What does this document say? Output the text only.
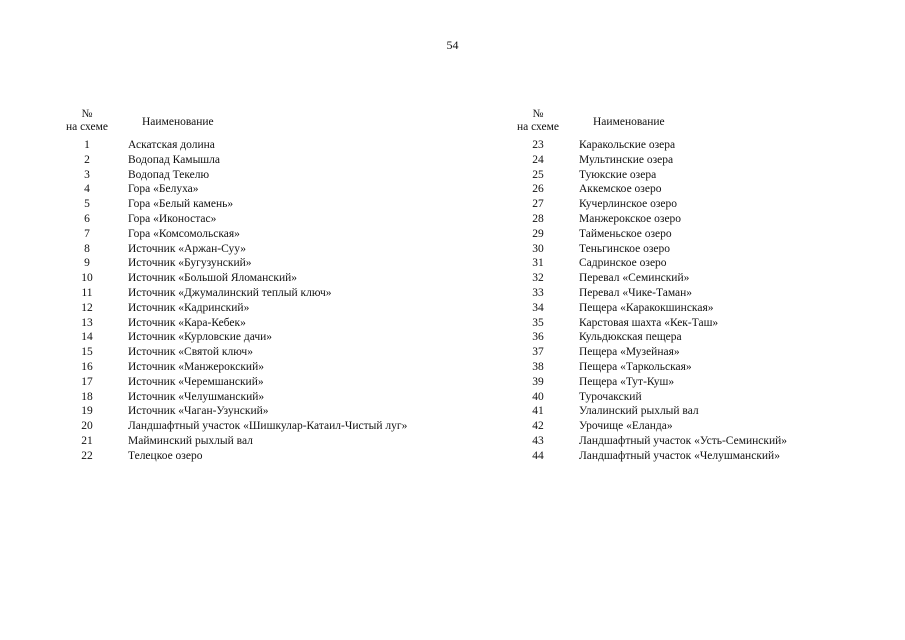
54
№
на схеме	Наименование
1	Аскатская долина
2	Водопад Камышла
3	Водопад Текелю
4	Гора «Белуха»
5	Гора «Белый камень»
6	Гора «Иконостас»
7	Гора «Комсомольская»
8	Источник «Аржан-Суу»
9	Источник «Бугузунский»
10	Источник «Большой Яломанский»
11	Источник «Джумалинский теплый ключ»
12	Источник «Кадринский»
13	Источник «Кара-Кебек»
14	Источник «Курловские дачи»
15	Источник «Святой ключ»
16	Источник «Манжерокский»
17	Источник «Черемшанский»
18	Источник «Челушманский»
19	Источник «Чаган-Узунский»
20	Ландшафтный участок «Шишкулар-Катаил-Чистый луг»
21	Майминский рыхлый вал
22	Телецкое озеро
№
на схеме	Наименование
23	Каракольские озера
24	Мультинские озера
25	Туюкские озера
26	Аккемское озеро
27	Кучерлинское озеро
28	Манжерокское озеро
29	Тайменьское озеро
30	Теньгинское озеро
31	Садринское озеро
32	Перевал «Семинский»
33	Перевал «Чике-Таман»
34	Пещера «Каракокшинская»
35	Карстовая шахта «Кек-Таш»
36	Кульдюкская пещера
37	Пещера «Музейная»
38	Пещера «Таркольская»
39	Пещера «Тут-Куш»
40	Турочакский
41	Улалинский рыхлый вал
42	Урочище «Еланда»
43	Ландшафтный участок «Усть-Семинский»
44	Ландшафтный участок «Челушманский»
